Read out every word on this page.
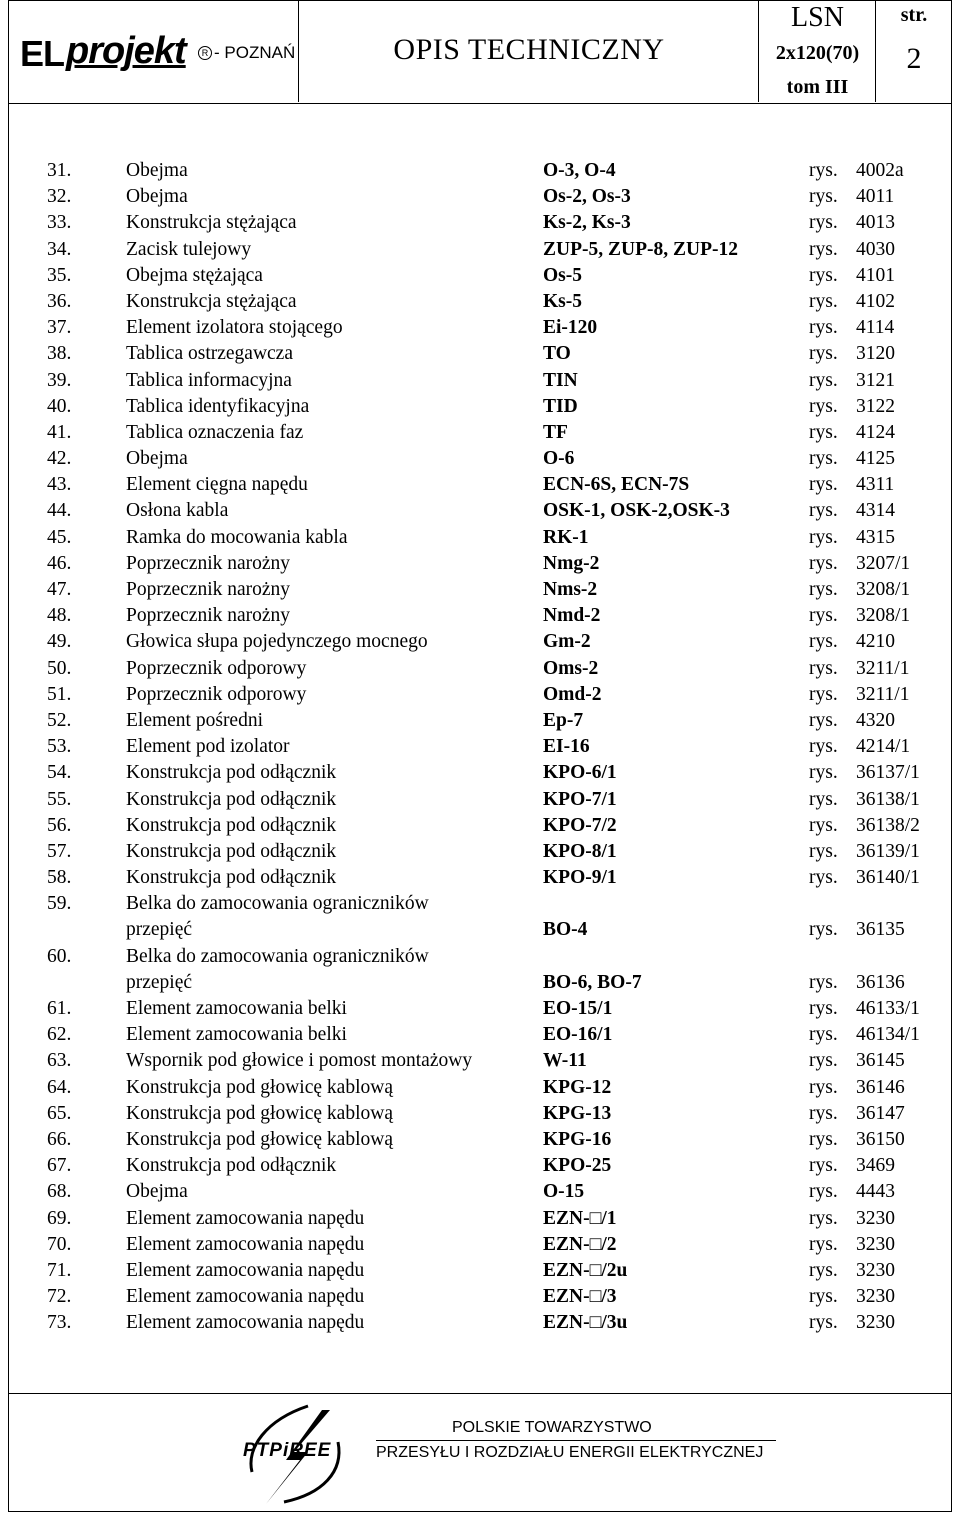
EL projekt	R - POZNAŃ	OPIS TECHNICZNY
LSN
2x120(70)
tom III
str.
2
31.	Obejma	O-3, O-4	rys. 4002a
32.	Obejma	Os-2, Os-3	rys. 4011
33.	Konstrukcja stężająca	Ks-2, Ks-3	rys. 4013
34.	Zacisk tulejowy	ZUP-5, ZUP-8, ZUP-12	rys. 4030
35.	Obejma stężająca	Os-5	rys. 4101
36.	Konstrukcja stężająca	Ks-5	rys. 4102
37.	Element izolatora stojącego	Ei-120	rys. 4114
38.	Tablica ostrzegawcza	TO	rys. 3120
39.	Tablica informacyjna	TIN	rys. 3121
40.	Tablica identyfikacyjna	TID	rys. 3122
41.	Tablica oznaczenia faz	TF	rys. 4124
42.	Obejma	O-6	rys. 4125
43.	Element cięgna napędu	ECN-6S, ECN-7S	rys. 4311
44.	Osłona kabla	OSK-1, OSK-2,OSK-3	rys. 4314
45.	Ramka do mocowania kabla	RK-1	rys. 4315
46.	Poprzecznik narożny	Nmg-2	rys. 3207/1
47.	Poprzecznik narożny	Nms-2	rys. 3208/1
48.	Poprzecznik narożny	Nmd-2	rys. 3208/1
49.	Głowica słupa pojedynczego mocnego	Gm-2	rys. 4210
50.	Poprzecznik odporowy	Oms-2	rys. 3211/1
51.	Poprzecznik odporowy	Omd-2	rys. 3211/1
52.	Element pośredni	Ep-7	rys. 4320
53.	Element pod izolator	EI-16	rys. 4214/1
54.	Konstrukcja pod odłącznik	KPO-6/1	rys. 36137/1
55.	Konstrukcja pod odłącznik	KPO-7/1	rys. 36138/1
56.	Konstrukcja pod odłącznik	KPO-7/2	rys. 36138/2
57.	Konstrukcja pod odłącznik	KPO-8/1	rys. 36139/1
58.	Konstrukcja pod odłącznik	KPO-9/1	rys. 36140/1
59.	Belka do zamocowania ograniczników
przepięć	BO-4	rys. 36135
60.	Belka do zamocowania ograniczników
przepięć	BO-6, BO-7	rys. 36136
61.	Element zamocowania belki	EO-15/1	rys. 46133/1
62.	Element zamocowania belki	EO-16/1	rys. 46134/1
63.	Wspornik pod głowice i pomost montażowy	W-11	rys. 36145
64.	Konstrukcja pod głowicę kablową	KPG-12	rys. 36146
65.	Konstrukcja pod głowicę kablową	KPG-13	rys. 36147
66.	Konstrukcja pod głowicę kablową	KPG-16	rys. 36150
67.	Konstrukcja pod odłącznik	KPO-25	rys. 3469
68.	Obejma	O-15	rys. 4443
69.	Element zamocowania napędu	EZN-□/1	rys. 3230
70.	Element zamocowania napędu	EZN-□/2	rys. 3230
71.	Element zamocowania napędu	EZN-□/2u	rys. 3230
72.	Element zamocowania napędu	EZN-□/3	rys. 3230
73.	Element zamocowania napędu	EZN-□/3u	rys. 3230
PTPiREE
POLSKIE TOWARZYSTWO
PRZESYŁU I ROZDZIAŁU ENERGII ELEKTRYCZNEJ
